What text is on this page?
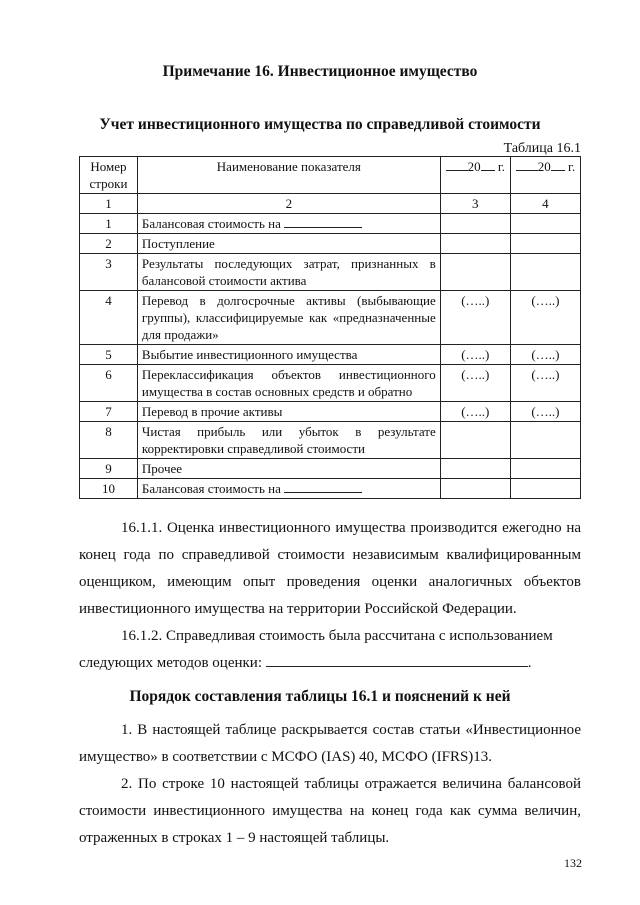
Примечание 16. Инвестиционное имущество
Учет инвестиционного имущества по справедливой стоимости
Таблица 16.1
Номер строки	Наименование показателя	20 г.	20 г.
1	2	3	4
1	Балансовая стоимость на		
2	Поступление		
3	Результаты последующих затрат, признанных в балансовой стоимости актива		
4	Перевод в долгосрочные активы (выбывающие группы), классифицируемые как «предназначенные для продажи»	(…..)	(…..)
5	Выбытие инвестиционного имущества	(…..)	(…..)
6	Переклассификация объектов инвестиционного имущества в состав основных средств и обратно	(…..)	(…..)
7	Перевод в прочие активы	(…..)	(…..)
8	Чистая прибыль или убыток в результате корректировки справедливой стоимости		
9	Прочее		
10	Балансовая стоимость на		

16.1.1. Оценка инвестиционного имущества производится ежегодно на конец года по справедливой стоимости независимым квалифицированным оценщиком, имеющим опыт проведения оценки аналогичных объектов инвестиционного имущества на территории Российской Федерации.

16.1.2. Справедливая стоимость была рассчитана с использованием
следующих методов оценки:	.

Порядок составления таблицы 16.1 и пояснений к ней

1. В настоящей таблице раскрывается состав статьи «Инвестиционное имущество» в соответствии с МСФО (IAS) 40, МСФО (IFRS)13.

2. По строке 10 настоящей таблицы отражается величина балансовой стоимости инвестиционного имущества на конец года как сумма величин, отраженных в строках 1 – 9 настоящей таблицы.

132
